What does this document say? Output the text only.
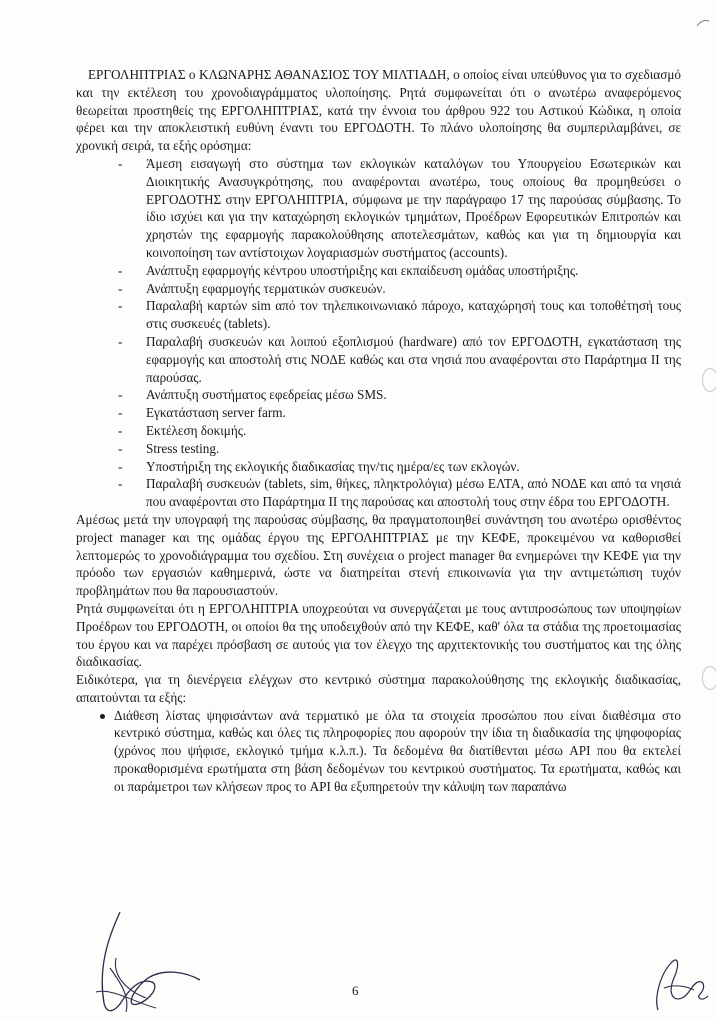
ΕΡΓΟΛΗΠΤΡΙΑΣ ο ΚΛΩΝΑΡΗΣ ΑΘΑΝΑΣΙΟΣ ΤΟΥ ΜΙΛΤΙΑΔΗ, ο οποίος είναι υπεύθυνος για το σχεδιασμό και την εκτέλεση του χρονοδιαγράμματος υλοποίησης. Ρητά συμφωνείται ότι ο ανωτέρω αναφερόμενος θεωρείται προστηθείς της ΕΡΓΟΛΗΠΤΡΙΑΣ, κατά την έννοια του άρθρου 922 του Αστικού Κώδικα, η οποία φέρει και την αποκλειστική ευθύνη έναντι του ΕΡΓΟΔΟΤΗ. Το πλάνο υλοποίησης θα συμπεριλαμβάνει, σε χρονική σειρά, τα εξής ορόσημα:

- Άμεση εισαγωγή στο σύστημα των εκλογικών καταλόγων του Υπουργείου Εσωτερικών και Διοικητικής Ανασυγκρότησης, που αναφέρονται ανωτέρω, τους οποίους θα προμηθεύσει ο ΕΡΓΟΔΟΤΗΣ στην ΕΡΓΟΛΗΠΤΡΙΑ, σύμφωνα με την παράγραφο 17 της παρούσας σύμβασης. Το ίδιο ισχύει και για την καταχώρηση εκλογικών τμημάτων, Προέδρων Εφορευτικών Επιτροπών και χρηστών της εφαρμογής παρακολούθησης αποτελεσμάτων, καθώς και για τη δημιουργία και κοινοποίηση των αντίστοιχων λογαριασμών συστήματος (accounts).
- Ανάπτυξη εφαρμογής κέντρου υποστήριξης και εκπαίδευση ομάδας υποστήριξης.
- Ανάπτυξη εφαρμογής τερματικών συσκευών.
- Παραλαβή καρτών sim από τον τηλεπικοινωνιακό πάροχο, καταχώρησή τους και τοποθέτησή τους στις συσκευές (tablets).
- Παραλαβή συσκευών και λοιπού εξοπλισμού (hardware) από τον ΕΡΓΟΔΟΤΗ, εγκατάσταση της εφαρμογής και αποστολή στις ΝΟΔΕ καθώς και στα νησιά που αναφέρονται στο Παράρτημα ΙΙ της παρούσας.
- Ανάπτυξη συστήματος εφεδρείας μέσω SMS.
- Εγκατάσταση server farm.
- Εκτέλεση δοκιμής.
- Stress testing.
- Υποστήριξη της εκλογικής διαδικασίας την/τις ημέρα/ες των εκλογών.
- Παραλαβή συσκευών (tablets, sim, θήκες, πληκτρολόγια) μέσω ΕΛΤΑ, από ΝΟΔΕ και από τα νησιά που αναφέρονται στο Παράρτημα ΙΙ της παρούσας και αποστολή τους στην έδρα του ΕΡΓΟΔΟΤΗ.

Αμέσως μετά την υπογραφή της παρούσας σύμβασης, θα πραγματοποιηθεί συνάντηση του ανωτέρω ορισθέντος project manager και της ομάδας έργου της ΕΡΓΟΛΗΠΤΡΙΑΣ με την ΚΕΦΕ, προκειμένου να καθορισθεί λεπτομερώς το χρονοδιάγραμμα του σχεδίου. Στη συνέχεια ο project manager θα ενημερώνει την ΚΕΦΕ για την πρόοδο των εργασιών καθημερινά, ώστε να διατηρείται στενή επικοινωνία για την αντιμετώπιση τυχόν προβλημάτων που θα παρουσιαστούν.

Ρητά συμφωνείται ότι η ΕΡΓΟΛΗΠΤΡΙΑ υποχρεούται να συνεργάζεται με τους αντιπροσώπους των υποψηφίων Προέδρων του ΕΡΓΟΔΟΤΗ, οι οποίοι θα της υποδειχθούν από την ΚΕΦΕ, καθ' όλα τα στάδια της προετοιμασίας του έργου και να παρέχει πρόσβαση σε αυτούς για τον έλεγχο της αρχιτεκτονικής του συστήματος και της όλης διαδικασίας.

Ειδικότερα, για τη διενέργεια ελέγχων στο κεντρικό σύστημα παρακολούθησης της εκλογικής διαδικασίας, απαιτούνται τα εξής:

Διάθεση λίστας ψηφισάντων ανά τερματικό με όλα τα στοιχεία προσώπου που είναι διαθέσιμα στο κεντρικό σύστημα, καθώς και όλες τις πληροφορίες που αφορούν την ίδια τη διαδικασία της ψηφοφορίας (χρόνος που ψήφισε, εκλογικό τμήμα κ.λ.π.). Τα δεδομένα θα διατίθενται μέσω API που θα εκτελεί προκαθορισμένα ερωτήματα στη βάση δεδομένων του κεντρικού συστήματος. Τα ερωτήματα, καθώς και οι παράμετροι των κλήσεων προς το API θα εξυπηρετούν την κάλυψη των παραπάνω
6
